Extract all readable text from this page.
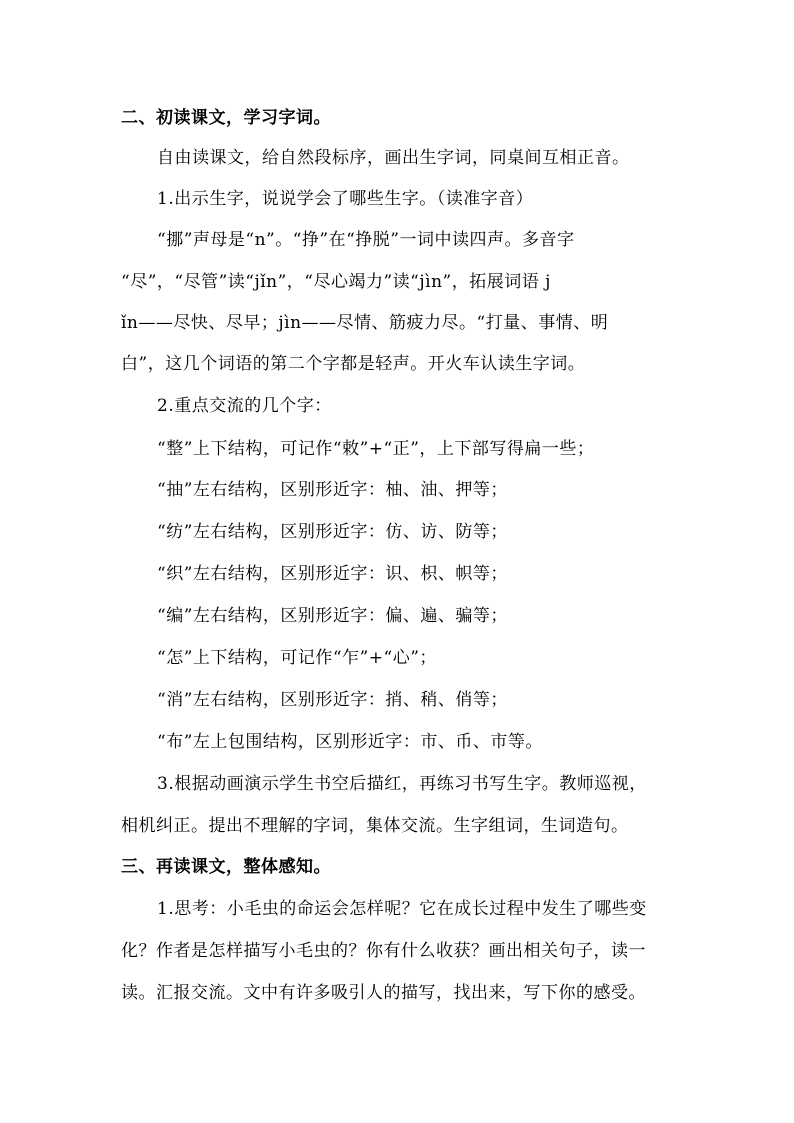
二、初读课文，学习字词。
自由读课文，给自然段标序，画出生字词，同桌间互相正音。
1.出示生字，说说学会了哪些生字。（读准字音）
“挪”声母是“n”。“挣”在“挣脱”一词中读四声。多音字
“尽”，“尽管”读“jǐn”，“尽心竭力”读“jìn”，拓展词语 j
ǐn——尽快、尽早；jìn——尽情、筋疲力尽。“打量、事情、明
白”，这几个词语的第二个字都是轻声。开火车认读生字词。
2.重点交流的几个字：
“整”上下结构，可记作“敕”+“正”，上下部写得扁一些；
“抽”左右结构，区别形近字：柚、油、押等；
“纺”左右结构，区别形近字：仿、访、防等；
“织”左右结构，区别形近字：识、枳、帜等；
“编”左右结构，区别形近字：偏、遍、骗等；
“怎”上下结构，可记作“乍”+“心”；
“消”左右结构，区别形近字：捎、稍、俏等；
“布”左上包围结构，区别形近字：市、币、市等。
3.根据动画演示学生书空后描红，再练习书写生字。教师巡视，
相机纠正。提出不理解的字词，集体交流。生字组词，生词造句。
三、再读课文，整体感知。
1.思考：小毛虫的命运会怎样呢？它在成长过程中发生了哪些变
化？作者是怎样描写小毛虫的？你有什么收获？画出相关句子，读一
读。汇报交流。文中有许多吸引人的描写，找出来，写下你的感受。
